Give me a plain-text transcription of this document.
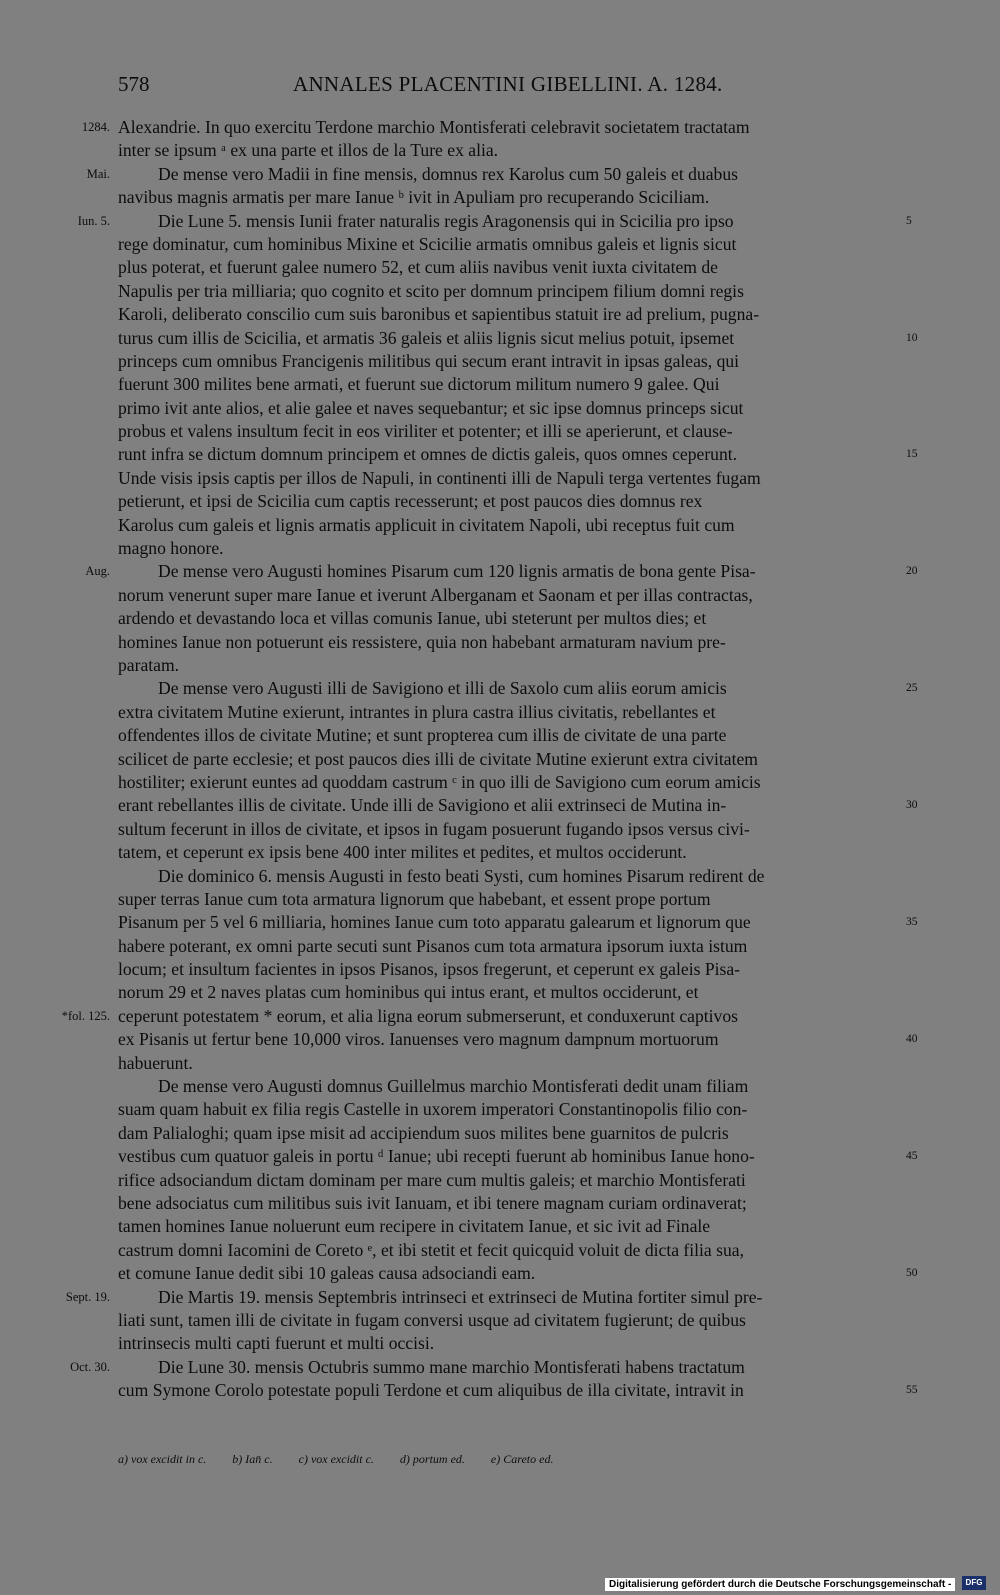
578	ANNALES PLACENTINI GIBELLINI. A. 1284.
Alexandrie. In quo exercitu Terdone marchio Montisferati celebravit societatem tractatam
1284.
inter se ipsum ᵃ ex una parte et illos de la Ture ex alia.
De mense vero Madii in fine mensis, domnus rex Karolus cum 50 galeis et duabus
Mai.
navibus magnis armatis per mare Ianue ᵇ ivit in Apuliam pro recuperando Sciciliam.
Die Lune 5. mensis Iunii frater naturalis regis Aragonensis qui in Scicilia pro ipso
Iun. 5.	5
rege dominatur, cum hominibus Mixine et Scicilie armatis omnibus galeis et lignis sicut
plus poterat, et fuerunt galee numero 52, et cum aliis navibus venit iuxta civitatem de
Napulis per tria milliaria; quo cognito et scito per domnum principem filium domni regis
Karoli, deliberato conscilio cum suis baronibus et sapientibus statuit ire ad prelium, pugna-
turus cum illis de Scicilia, et armatis 36 galeis et aliis lignis sicut melius potuit, ipsemet	10
princeps cum omnibus Francigenis militibus qui secum erant intravit in ipsas galeas, qui
fuerunt 300 milites bene armati, et fuerunt sue dictorum militum numero 9 galee. Qui
primo ivit ante alios, et alie galee et naves sequebantur; et sic ipse domnus princeps sicut
probus et valens insultum fecit in eos viriliter et potenter; et illi se aperierunt, et clause-
runt infra se dictum domnum principem et omnes de dictis galeis, quos omnes ceperunt.	15
Unde visis ipsis captis per illos de Napuli, in continenti illi de Napuli terga vertentes fugam
petierunt, et ipsi de Scicilia cum captis recesserunt; et post paucos dies domnus rex
Karolus cum galeis et lignis armatis applicuit in civitatem Napoli, ubi receptus fuit cum
magno honore.
De mense vero Augusti homines Pisarum cum 120 lignis armatis de bona gente Pisa-
Aug.	20
norum venerunt super mare Ianue et iverunt Alberganam et Saonam et per illas contractas,
ardendo et devastando loca et villas comunis Ianue, ubi steterunt per multos dies; et
homines Ianue non potuerunt eis ressistere, quia non habebant armaturam navium pre-
paratam.
De mense vero Augusti illi de Savigiono et illi de Saxolo cum aliis eorum amicis	25
extra civitatem Mutine exierunt, intrantes in plura castra illius civitatis, rebellantes et
offendentes illos de civitate Mutine; et sunt propterea cum illis de civitate de una parte
scilicet de parte ecclesie; et post paucos dies illi de civitate Mutine exierunt extra civitatem
hostiliter; exierunt euntes ad quoddam castrum ᶜ in quo illi de Savigiono cum eorum amicis
erant rebellantes illis de civitate. Unde illi de Savigiono et alii extrinseci de Mutina in-	30
sultum fecerunt in illos de civitate, et ipsos in fugam posuerunt fugando ipsos versus civi-
tatem, et ceperunt ex ipsis bene 400 inter milites et pedites, et multos occiderunt.
Die dominico 6. mensis Augusti in festo beati Systi, cum homines Pisarum redirent de
super terras Ianue cum tota armatura lignorum que habebant, et essent prope portum
Pisanum per 5 vel 6 milliaria, homines Ianue cum toto apparatu galearum et lignorum que	35
habere poterant, ex omni parte secuti sunt Pisanos cum tota armatura ipsorum iuxta istum
locum; et insultum facientes in ipsos Pisanos, ipsos fregerunt, et ceperunt ex galeis Pisa-
norum 29 et 2 naves platas cum hominibus qui intus erant, et multos occiderunt, et
ceperunt potestatem * eorum, et alia ligna eorum submerserunt, et conduxerunt captivos
*fol. 125.
ex Pisanis ut fertur bene 10,000 viros. Ianuenses vero magnum dampnum mortuorum	40
habuerunt.
De mense vero Augusti domnus Guillelmus marchio Montisferati dedit unam filiam
suam quam habuit ex filia regis Castelle in uxorem imperatori Constantinopolis filio con-
dam Palialoghi; quam ipse misit ad accipiendum suos milites bene guarnitos de pulcris
vestibus cum quatuor galeis in portu ᵈ Ianue; ubi recepti fuerunt ab hominibus Ianue hono-	45
rifice adsociandum dictam dominam per mare cum multis galeis; et marchio Montisferati
bene adsociatus cum militibus suis ivit Ianuam, et ibi tenere magnam curiam ordinaverat;
tamen homines Ianue noluerunt eum recipere in civitatem Ianue, et sic ivit ad Finale
castrum domni Iacomini de Coreto ᵉ, et ibi stetit et fecit quicquid voluit de dicta filia sua,
et comune Ianue dedit sibi 10 galeas causa adsociandi eam.	50
Die Martis 19. mensis Septembris intrinseci et extrinseci de Mutina fortiter simul pre-
Sept. 19.
liati sunt, tamen illi de civitate in fugam conversi usque ad civitatem fugierunt; de quibus
intrinsecis multi capti fuerunt et multi occisi.
Die Lune 30. mensis Octubris summo mane marchio Montisferati habens tractatum
Oct. 30.
cum Symone Corolo potestate populi Terdone et cum aliquibus de illa civitate, intravit in	55
a) vox excidit in c. b) Ian̄ c. c) vox excidit c. d) portum ed. e) Careto ed.
Digitalisierung gefördert durch die Deutsche Forschungsgemeinschaft -	DFG
